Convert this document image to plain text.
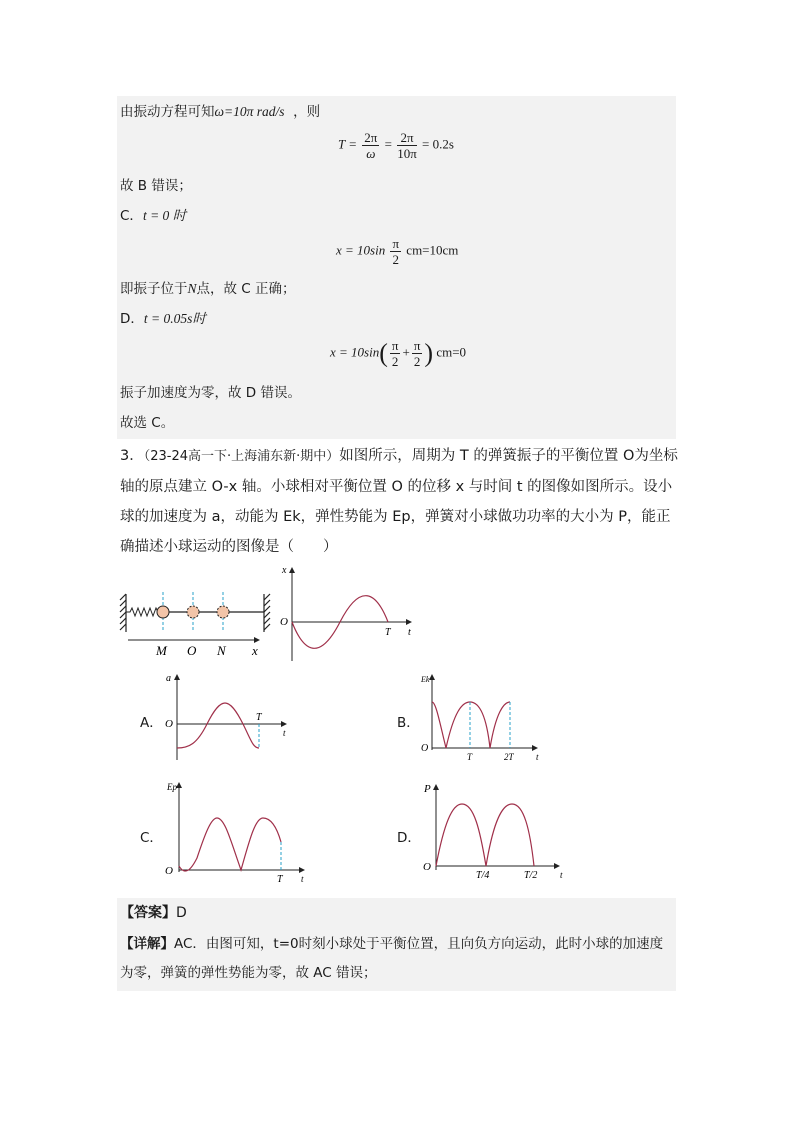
由振动方程可知ω=10π rad/s ，则
$T = \frac{2\pi}{\omega} = \frac{2\pi}{10\pi} = 0.2s$
故 B 错误；
C．t = 0 时
$x = 10\sin \frac{\pi}{2} cm=10cm$
即振子位于N点，故 C 正确；
D．t = 0.05s时
$x = 10\sin( \frac{\pi}{2} + \frac{\pi}{2}$ ) cm=0
振子加速度为零，故 D 错误。
故选 C。
3．（23-24高一下·上海浦东新·期中）如图所示，周期为 T 的弹簧振子的平衡位置 O为坐标轴的原点建立 O-x 轴。小球相对平衡位置 O 的位移 x 与时间 t 的图像如图所示。设小球的加速度为 a，动能为 Ek，弹性势能为 Ep，弹簧对小球做功功率的大小为 P，能正确描述小球运动的图像是（　　）
M O N x
x
O
T t
A．
a
O
T
t
B．
Ek
O
T	2T t
C．
Ep
O
T t
D．
P
O
T/4	T/2	t
【答案】D
【详解】AC．由图可知，t=0时刻小球处于平衡位置，且向负方向运动，此时小球的加速度为零，弹簧的弹性势能为零，故 AC 错误；
